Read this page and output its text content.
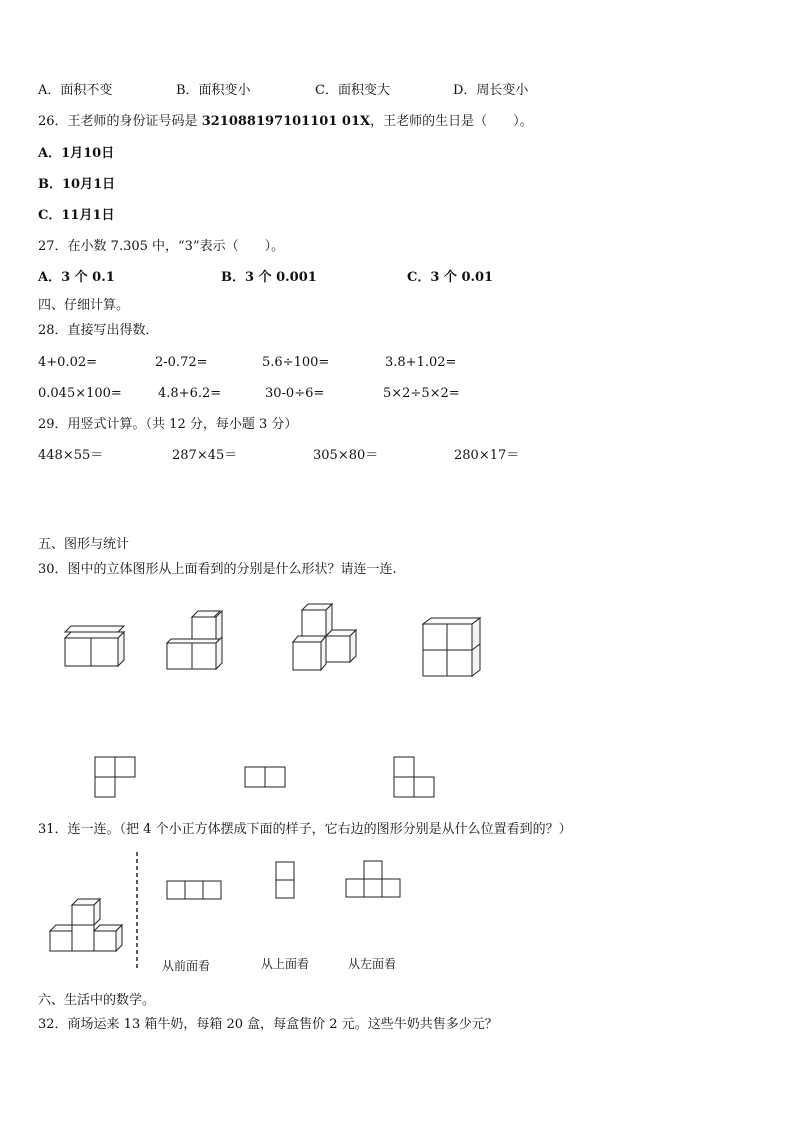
A．面积不变	B．面积变小	C．面积变大	D．周长变小
26．王老师的身份证号码是 321088197101101 01X，王老师的生日是（　　）。
A．1月10日
B．10月1日
C．11月1日
27．在小数 7.305 中，“3”表示（　　）。
A．3 个 0.1	B．3 个 0.001	C．3 个 0.01
四、仔细计算。
28．直接写出得数．
4+0.02=	2-0.72=	5.6÷100=	3.8+1.02=
0.045×100=	4.8+6.2=	30-0÷6=	5×2÷5×2=
29．用竖式计算。（共 12 分，每小题 3 分）
448×55＝	287×45＝	305×80＝	280×17＝
五、图形与统计
30．图中的立体图形从上面看到的分别是什么形状？请连一连.
31．连一连。（把 4 个小正方体摆成下面的样子，它右边的图形分别是从什么位置看到的？）
从前面看	从上面看	从左面看
六、生活中的数学。
32．商场运来 13 箱牛奶，每箱 20 盒，每盒售价 2 元。这些牛奶共售多少元？
